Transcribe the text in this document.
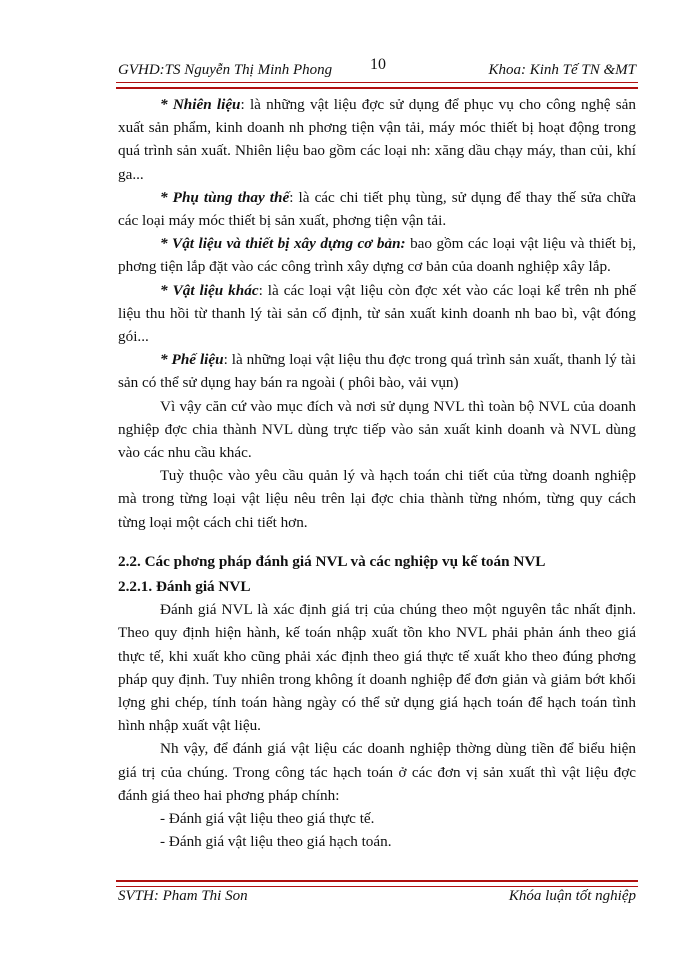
GVHD:TS Nguyễn Thị Minh Phong 10	Khoa: Kinh Tế TN &MT

* Nhiên liệu: là những vật liệu đợc sử dụng để phục vụ cho công nghệ sản xuất sản phẩm, kinh doanh nh phơng tiện vận tải, máy móc thiết bị hoạt động trong quá trình sản xuất. Nhiên liệu bao gồm các loại nh: xăng dầu chạy máy, than củi, khí ga...

* Phụ tùng thay thế: là các chi tiết phụ tùng, sử dụng để thay thế sửa chữa các loại máy móc thiết bị sản xuất, phơng tiện vận tải.

* Vật liệu và thiết bị xây dựng cơ bản: bao gồm các loại vật liệu và thiết bị, phơng tiện lắp đặt vào các công trình xây dựng cơ bản của doanh nghiệp xây lắp.

* Vật liệu khác: là các loại vật liệu còn đợc xét vào các loại kể trên nh phế liệu thu hồi từ thanh lý tài sản cố định, từ sản xuất kinh doanh nh bao bì, vật đóng gói...

* Phế liệu: là những loại vật liệu thu đợc trong quá trình sản xuất, thanh lý tài sản có thể sử dụng hay bán ra ngoài ( phôi bào, vải vụn)

Vì vậy căn cứ vào mục đích và nơi sử dụng NVL thì toàn bộ NVL của doanh nghiệp đợc chia thành NVL dùng trực tiếp vào sản xuất kinh doanh và NVL dùng vào các nhu cầu khác.

Tuỳ thuộc vào yêu cầu quản lý và hạch toán chi tiết của từng doanh nghiệp mà trong từng loại vật liệu nêu trên lại đợc chia thành từng nhóm, từng quy cách từng loại một cách chi tiết hơn.

2.2. Các phơng pháp đánh giá NVL và các nghiệp vụ kế toán NVL
2.2.1. Đánh giá NVL

Đánh giá NVL là xác định giá trị của chúng theo một nguyên tắc nhất định. Theo quy định hiện hành, kế toán nhập xuất tồn kho NVL phải phản ánh theo giá thực tế, khi xuất kho cũng phải xác định theo giá thực tế xuất kho theo đúng phơng pháp quy định. Tuy nhiên trong không ít doanh nghiệp để đơn giản và giảm bớt khối lợng ghi chép, tính toán hàng ngày có thể sử dụng giá hạch toán để hạch toán tình hình nhập xuất vật liệu.

Nh vậy, để đánh giá vật liệu các doanh nghiệp thờng dùng tiền để biểu hiện giá trị của chúng. Trong công tác hạch toán ở các đơn vị sản xuất thì vật liệu đợc đánh giá theo hai phơng pháp chính:

- Đánh giá vật liệu theo giá thực tế.

- Đánh giá vật liệu theo giá hạch toán.

SVTH: Pham Thi Son	Khóa luận tốt nghiệp
